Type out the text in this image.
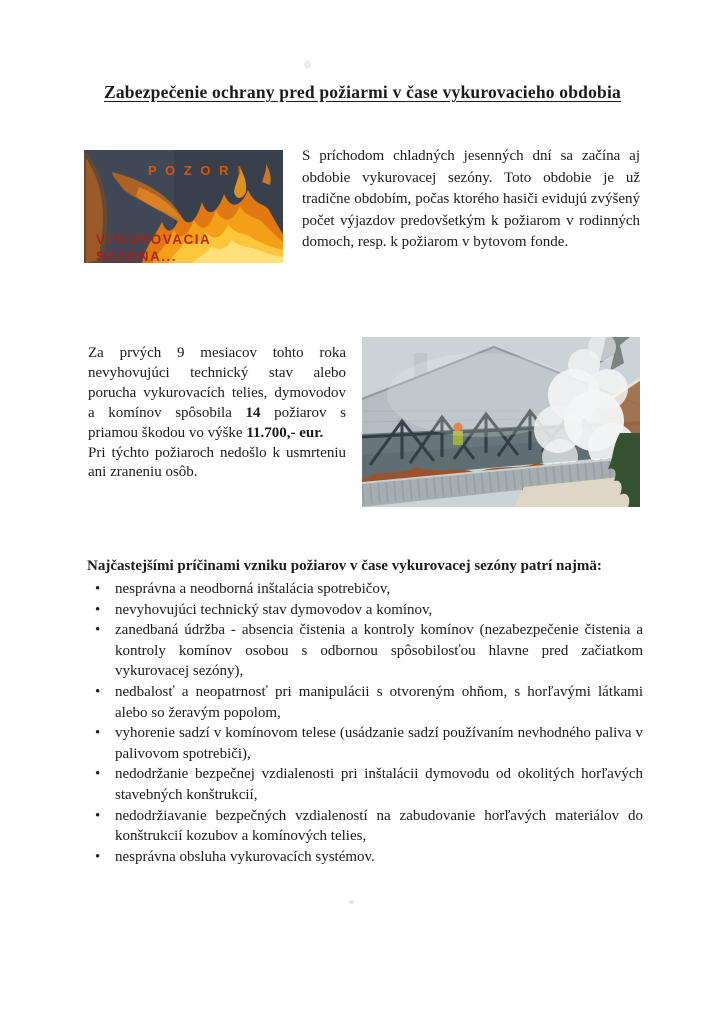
Zabezpečenie ochrany pred požiarmi v čase vykurovacieho obdobia
P O Z O R !
VYKUROVACIA
SEZÓNA...

S príchodom chladných jesenných dní sa začína aj obdobie vykurovacej sezóny. Toto obdobie je už tradične obdobím, počas ktorého hasiči evidujú zvýšený počet výjazdov predovšetkým k požiarom v rodinných domoch, resp. k požiarom v bytovom fonde.

Za prvých 9 mesiacov tohto roka nevyhovujúci technický stav alebo porucha vykurovacích telies, dymovodov a komínov spôsobila 14 požiarov s priamou škodou vo výške 11.700,- eur.
Pri týchto požiaroch nedošlo k usmrteniu ani zraneniu osôb.

Najčastejšími príčinami vzniku požiarov v čase vykurovacej sezóny patrí najmä:
• nesprávna a neodborná inštalácia spotrebičov,
• nevyhovujúci technický stav dymovodov a komínov,
• zanedbaná údržba - absencia čistenia a kontroly komínov (nezabezpečenie čistenia a kontroly komínov osobou s odbornou spôsobilosťou hlavne pred začiatkom vykurovacej sezóny),
• nedbalosť a neopatrnosť pri manipulácii s otvoreným ohňom, s horľavými látkami alebo so žeravým popolom,
• vyhorenie sadzí v komínovom telese (usádzanie sadzí používaním nevhodného paliva v palivovom spotrebiči),
• nedodržanie bezpečnej vzdialenosti pri inštalácii dymovodu od okolitých horľavých stavebných konštrukcií,
• nedodržiavanie bezpečných vzdialeností na zabudovanie horľavých materiálov do konštrukcií kozubov a komínových telies,
• nesprávna obsluha vykurovacích systémov.
